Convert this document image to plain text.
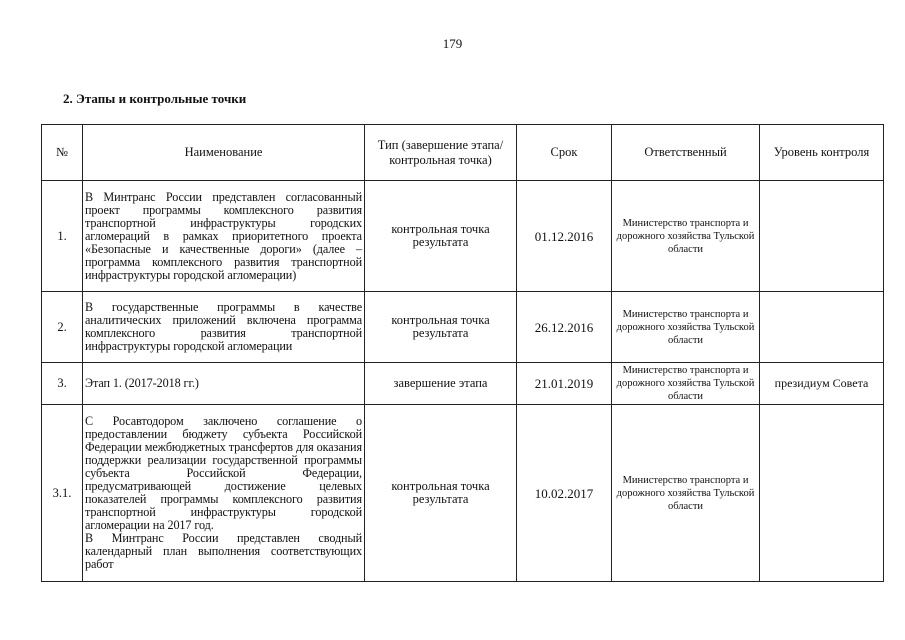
179
2. Этапы и контрольные точки
№	Наименование	Тип (завершение этапа/контрольная точка)	Срок	Ответственный	Уровень контроля
1.	В Минтранс России представлен согласованный проект программы комплексного развития транспортной инфраструктуры городских агломераций в рамках приоритетного проекта «Безопасные и качественные дороги» (далее – программа комплексного развития транспортной инфраструктуры городской агломерации)	контрольная точка результата	01.12.2016	Министерство транспорта и дорожного хозяйства Тульской области	
2.	В государственные программы в качестве аналитических приложений включена программа комплексного развития транспортной инфраструктуры городской агломерации	контрольная точка результата	26.12.2016	Министерство транспорта и дорожного хозяйства Тульской области	
3.	Этап 1. (2017-2018 гг.)	завершение этапа	21.01.2019	Министерство транспорта и дорожного хозяйства Тульской области	президиум Совета
3.1.	С Росавтодором заключено соглашение о предоставлении бюджету субъекта Российской Федерации межбюджетных трансфертов для оказания поддержки реализации государственной программы субъекта Российской Федерации, предусматривающей достижение целевых показателей программы комплексного развития транспортной инфраструктуры городской агломерации на 2017 год.
В Минтранс России представлен сводный календарный план выполнения соответствующих работ	контрольная точка результата	10.02.2017	Министерство транспорта и дорожного хозяйства Тульской области	
